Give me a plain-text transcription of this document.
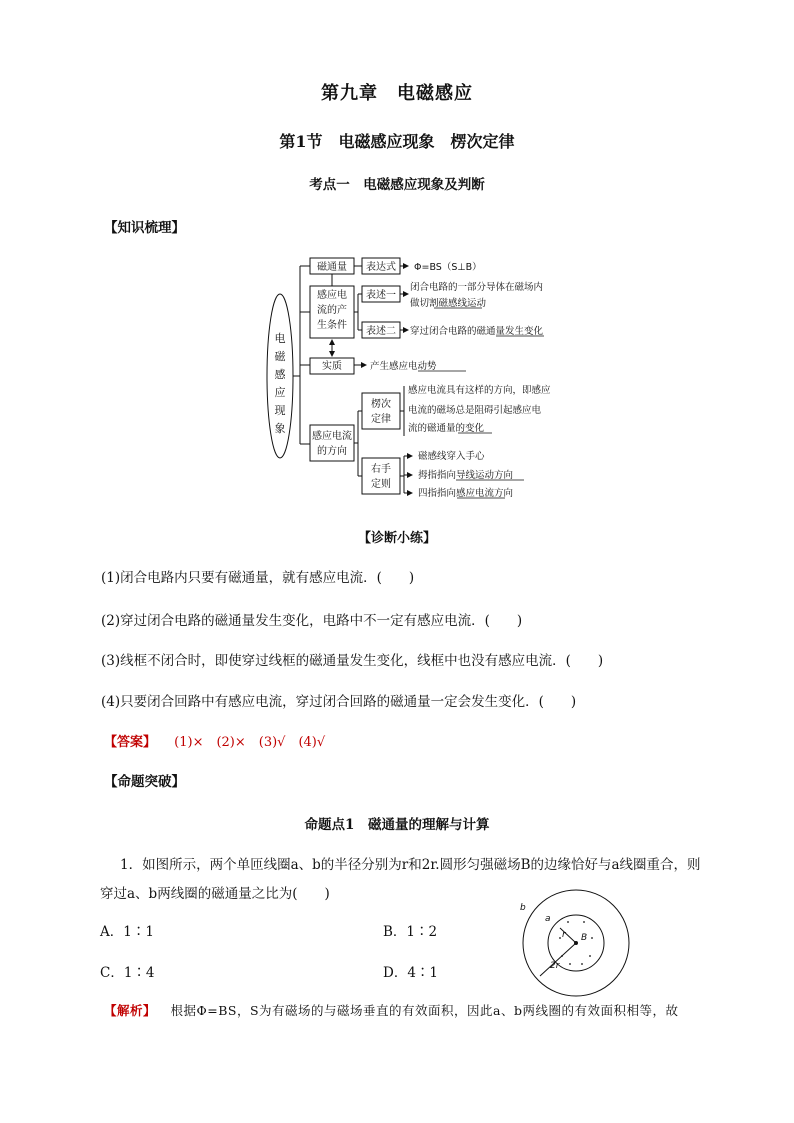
第九章　电磁感应
第1节　电磁感应现象　楞次定律
考点一　电磁感应现象及判断
【知识梳理】
电
磁
感
应
现
象
磁通量 表达式 Φ=BS（S⊥B）
感应电
流的产
生条件
表述一
闭合电路的一部分导体在磁场内
做切割磁感线运动
表述二 穿过闭合电路的磁通量发生变化
实质	产生感应电动势
感应电流
的方向
楞次
定律
感应电流具有这样的方向，即感应
电流的磁场总是阻碍引起感应电
流的磁通量的变化
右手
定则
磁感线穿入手心
拇指指向导线运动方向
四指指向感应电流方向
【诊断小练】
(1)闭合电路内只要有磁通量，就有感应电流．(　　)
(2)穿过闭合电路的磁通量发生变化，电路中不一定有感应电流．(　　)
(3)线框不闭合时，即使穿过线框的磁通量发生变化，线框中也没有感应电流．(　　)
(4)只要闭合回路中有感应电流，穿过闭合回路的磁通量一定会发生变化．(　　)
【答案】 (1)×　(2)×　(3)√　(4)√
【命题突破】
命题点1　磁通量的理解与计算
1．如图所示，两个单匝线圈a、b的半径分别为r和2r.圆形匀强磁场B的边缘恰好与a线圈重合，则
穿过a、b两线圈的磁通量之比为(　　)
A．1∶1	B．1∶2
C．1∶4	D．4∶1
b
a
r B
2r
【解析】 根据Φ=BS，S为有磁场的与磁场垂直的有效面积，因此a、b两线圈的有效面积相等，故
